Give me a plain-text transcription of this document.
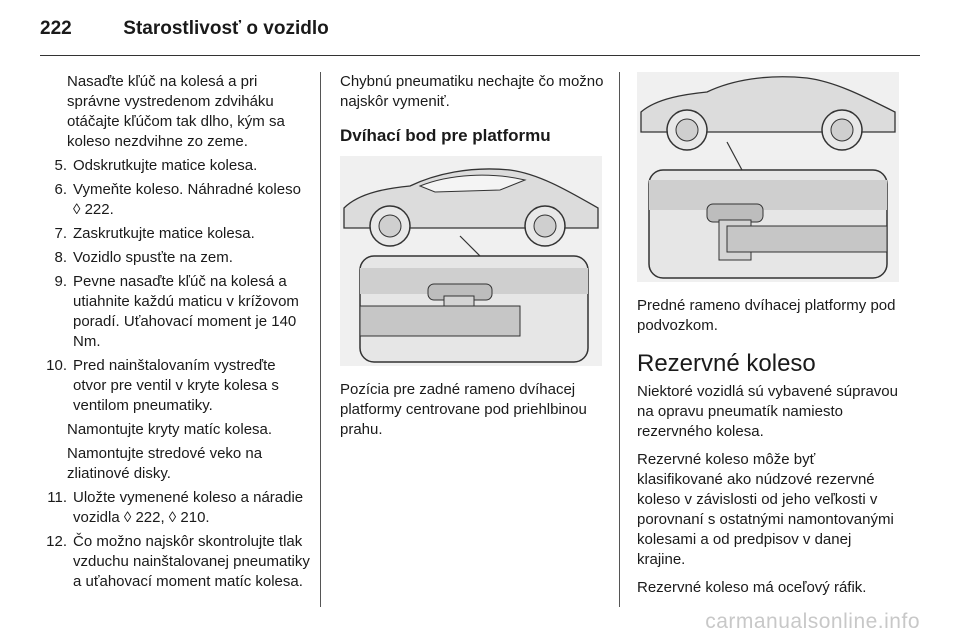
222	Starostlivosť o vozidlo
Nasaďte kľúč na kolesá a pri správne vystredenom zdviháku otáčajte kľúčom tak dlho, kým sa koleso nezdvihne zo zeme.
5. Odskrutkujte matice kolesa.
6. Vymeňte koleso. Náhradné koleso ◊ 222.
7. Zaskrutkujte matice kolesa.
8. Vozidlo spusťte na zem.
9. Pevne nasaďte kľúč na kolesá a utiahnite každú maticu v krížovom poradí. Uťahovací moment je 140 Nm.
10. Pred nainštalovaním vystreďte otvor pre ventil v kryte kolesa s ventilom pneumatiky.
Namontujte kryty matíc kolesa.
Namontujte stredové veko na zliatinové disky.
11. Uložte vymenené koleso a náradie vozidla ◊ 222, ◊ 210.
12. Čo možno najskôr skontrolujte tlak vzduchu nainštalovanej pneumatiky a uťahovací moment matíc kolesa.

Chybnú pneumatiku nechajte čo možno najskôr vymeniť.

Dvíhací bod pre platformu

Pozícia pre zadné rameno dvíhacej platformy centrovane pod priehlbinou prahu.

Predné rameno dvíhacej platformy pod podvozkom.

Rezervné koleso

Niektoré vozidlá sú vybavené súpravou na opravu pneumatík namiesto rezervného kolesa.

Rezervné koleso môže byť klasifikované ako núdzové rezervné koleso v závislosti od jeho veľkosti v porovnaní s ostatnými namontovanými kolesami a od predpisov v danej krajine.

Rezervné koleso má oceľový ráfik.

carmanualsonline.info
